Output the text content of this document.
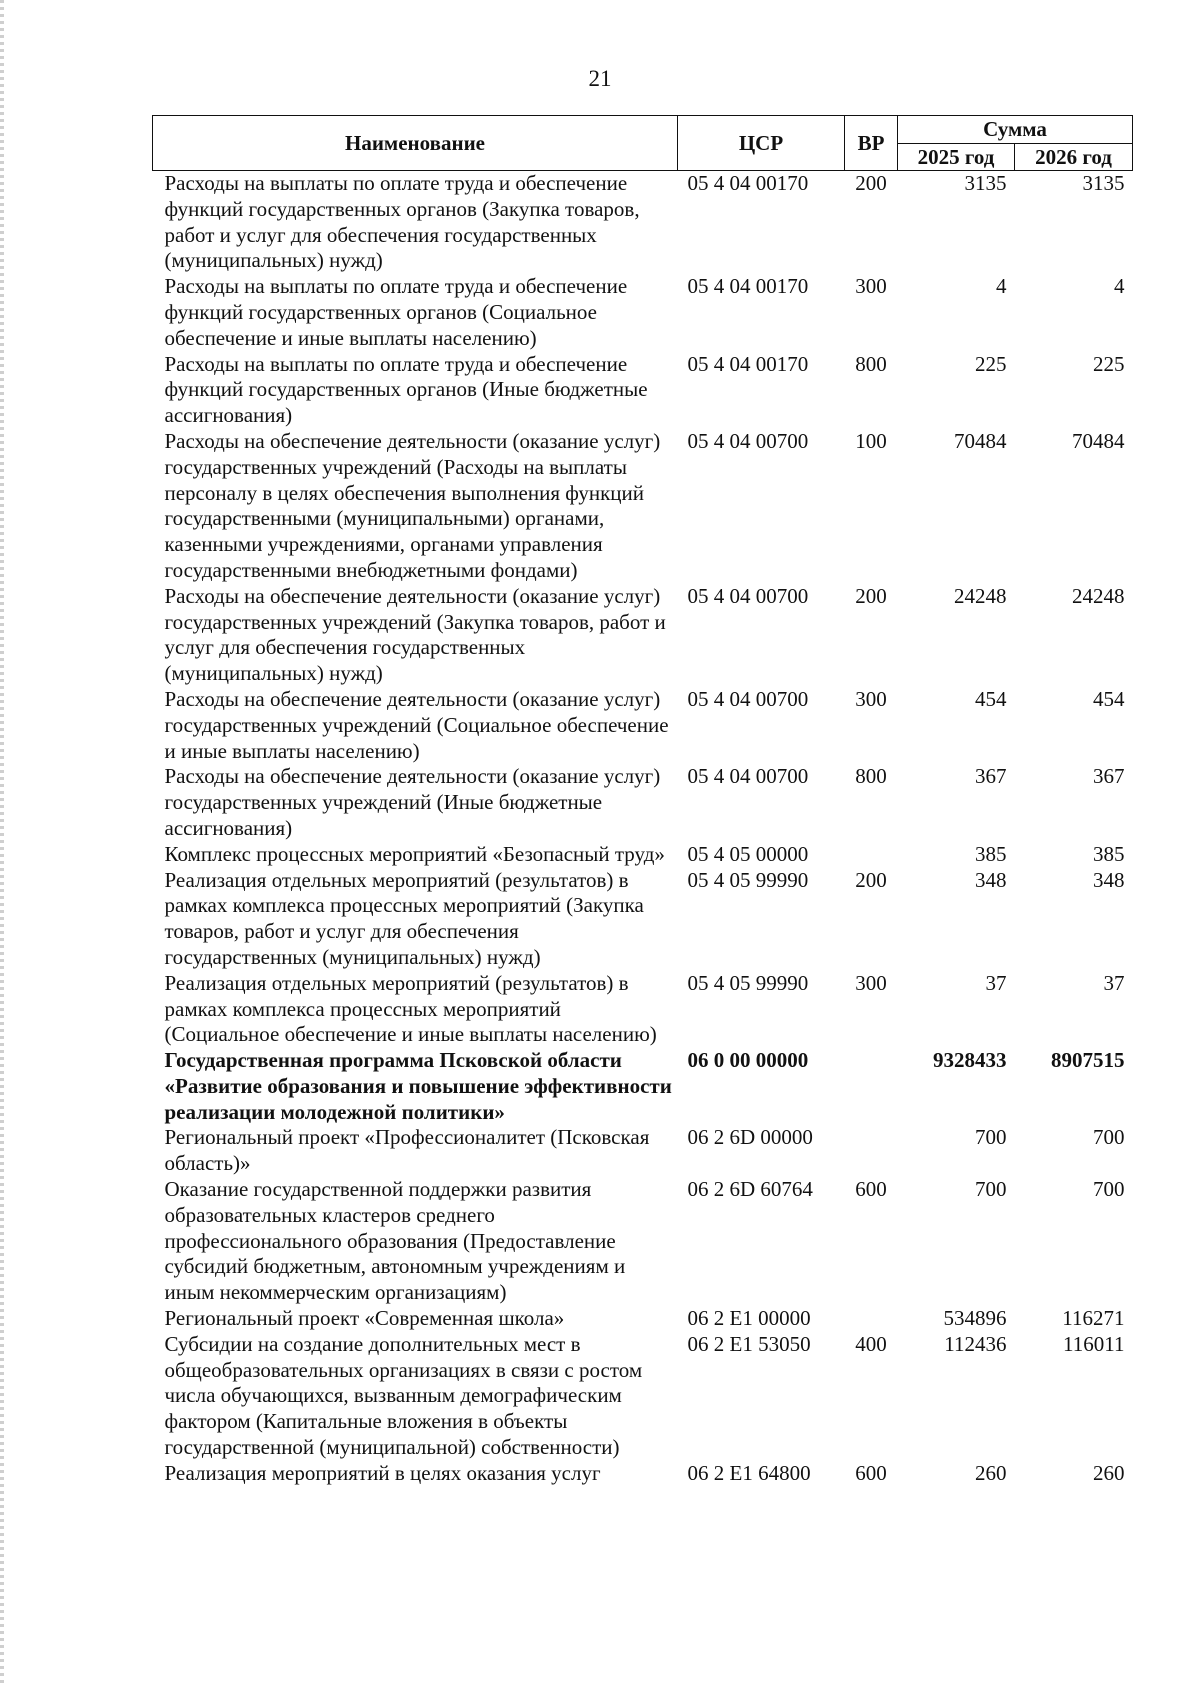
21
Наименование	ЦСР	ВР	Сумма	
			2025 год	2026 год
Расходы на выплаты по оплате труда и обеспечение функций государственных органов (Закупка товаров, работ и услуг для обеспечения государственных (муниципальных) нужд)	05 4 04 00170	200	3135	3135
Расходы на выплаты по оплате труда и обеспечение функций государственных органов (Социальное обеспечение и иные выплаты населению)	05 4 04 00170	300	4	4
Расходы на выплаты по оплате труда и обеспечение функций государственных органов (Иные бюджетные ассигнования)	05 4 04 00170	800	225	225
Расходы на обеспечение деятельности (оказание услуг) государственных учреждений (Расходы на выплаты персоналу в целях обеспечения выполнения функций государственными (муниципальными) органами, казенными учреждениями, органами управления государственными внебюджетными фондами)	05 4 04 00700	100	70484	70484
Расходы на обеспечение деятельности (оказание услуг) государственных учреждений (Закупка товаров, работ и услуг для обеспечения государственных (муниципальных) нужд)	05 4 04 00700	200	24248	24248
Расходы на обеспечение деятельности (оказание услуг) государственных учреждений (Социальное обеспечение и иные выплаты населению)	05 4 04 00700	300	454	454
Расходы на обеспечение деятельности (оказание услуг) государственных учреждений (Иные бюджетные ассигнования)	05 4 04 00700	800	367	367
Комплекс процессных мероприятий «Безопасный труд»	05 4 05 00000		385	385
Реализация отдельных мероприятий (результатов) в рамках комплекса процессных мероприятий (Закупка товаров, работ и услуг для обеспечения государственных (муниципальных) нужд)	05 4 05 99990	200	348	348
Реализация отдельных мероприятий (результатов) в рамках комплекса процессных мероприятий (Социальное обеспечение и иные выплаты населению)	05 4 05 99990	300	37	37
Государственная программа Псковской области «Развитие образования и повышение эффективности реализации молодежной политики»	06 0 00 00000		9328433	8907515
Региональный проект «Профессионалитет (Псковская область)»	06 2 6D 00000		700	700
Оказание государственной поддержки развития образовательных кластеров среднего профессионального образования (Предоставление субсидий бюджетным, автономным учреждениям и иным некоммерческим организациям)	06 2 6D 60764	600	700	700
Региональный проект «Современная школа»	06 2 E1 00000		534896	116271
Субсидии на создание дополнительных мест в общеобразовательных организациях в связи с ростом числа обучающихся, вызванным демографическим фактором (Капитальные вложения в объекты государственной (муниципальной) собственности)	06 2 E1 53050	400	112436	116011
Реализация мероприятий в целях оказания услуг	06 2 E1 64800	600	260	260
